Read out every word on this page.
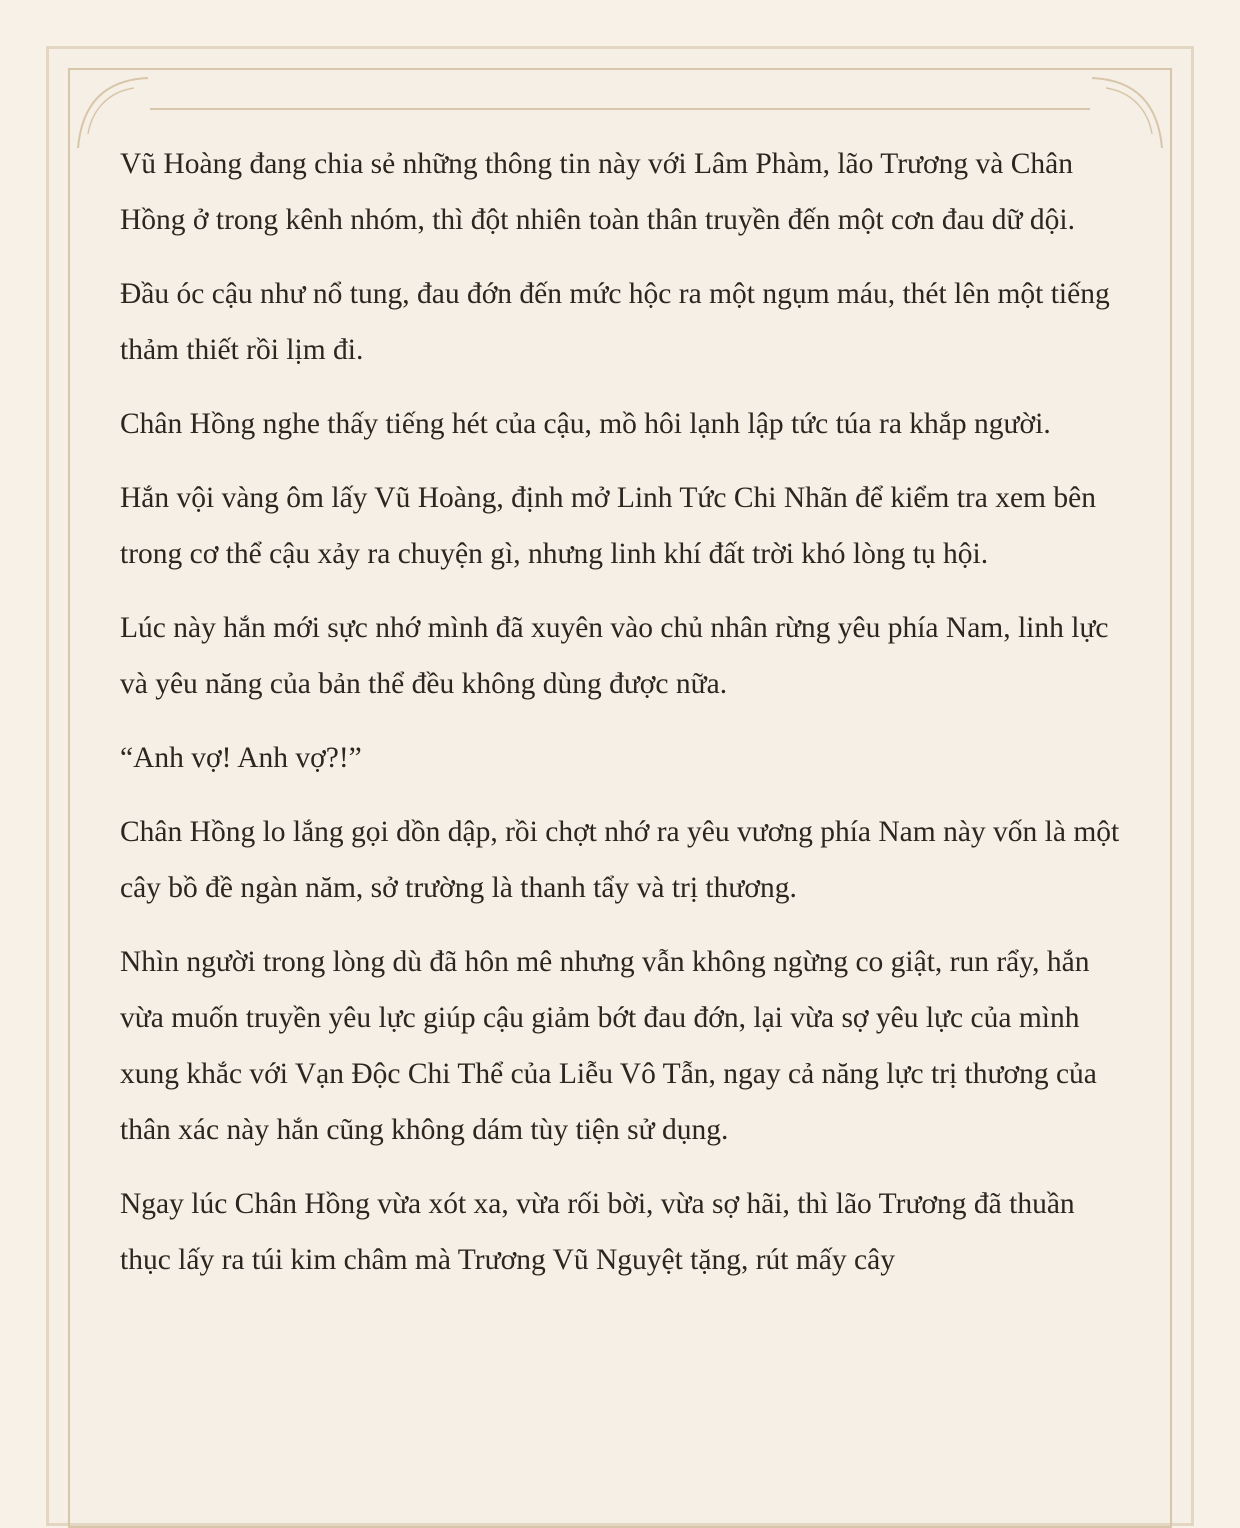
Vũ Hoàng đang chia sẻ những thông tin này với Lâm Phàm, lão Trương và Chân Hồng ở trong kênh nhóm, thì đột nhiên toàn thân truyền đến một cơn đau dữ dội.

Đầu óc cậu như nổ tung, đau đớn đến mức hộc ra một ngụm máu, thét lên một tiếng thảm thiết rồi lịm đi.

Chân Hồng nghe thấy tiếng hét của cậu, mồ hôi lạnh lập tức túa ra khắp người.

Hắn vội vàng ôm lấy Vũ Hoàng, định mở Linh Tức Chi Nhãn để kiểm tra xem bên trong cơ thể cậu xảy ra chuyện gì, nhưng linh khí đất trời khó lòng tụ hội.

Lúc này hắn mới sực nhớ mình đã xuyên vào chủ nhân rừng yêu phía Nam, linh lực và yêu năng của bản thể đều không dùng được nữa.

“Anh vợ! Anh vợ?!”

Chân Hồng lo lắng gọi dồn dập, rồi chợt nhớ ra yêu vương phía Nam này vốn là một cây bồ đề ngàn năm, sở trường là thanh tẩy và trị thương.

Nhìn người trong lòng dù đã hôn mê nhưng vẫn không ngừng co giật, run rẩy, hắn vừa muốn truyền yêu lực giúp cậu giảm bớt đau đớn, lại vừa sợ yêu lực của mình xung khắc với Vạn Độc Chi Thể của Liễu Vô Tẫn, ngay cả năng lực trị thương của thân xác này hắn cũng không dám tùy tiện sử dụng.

Ngay lúc Chân Hồng vừa xót xa, vừa rối bời, vừa sợ hãi, thì lão Trương đã thuần thục lấy ra túi kim châm mà Trương Vũ Nguyệt tặng, rút mấy cây
